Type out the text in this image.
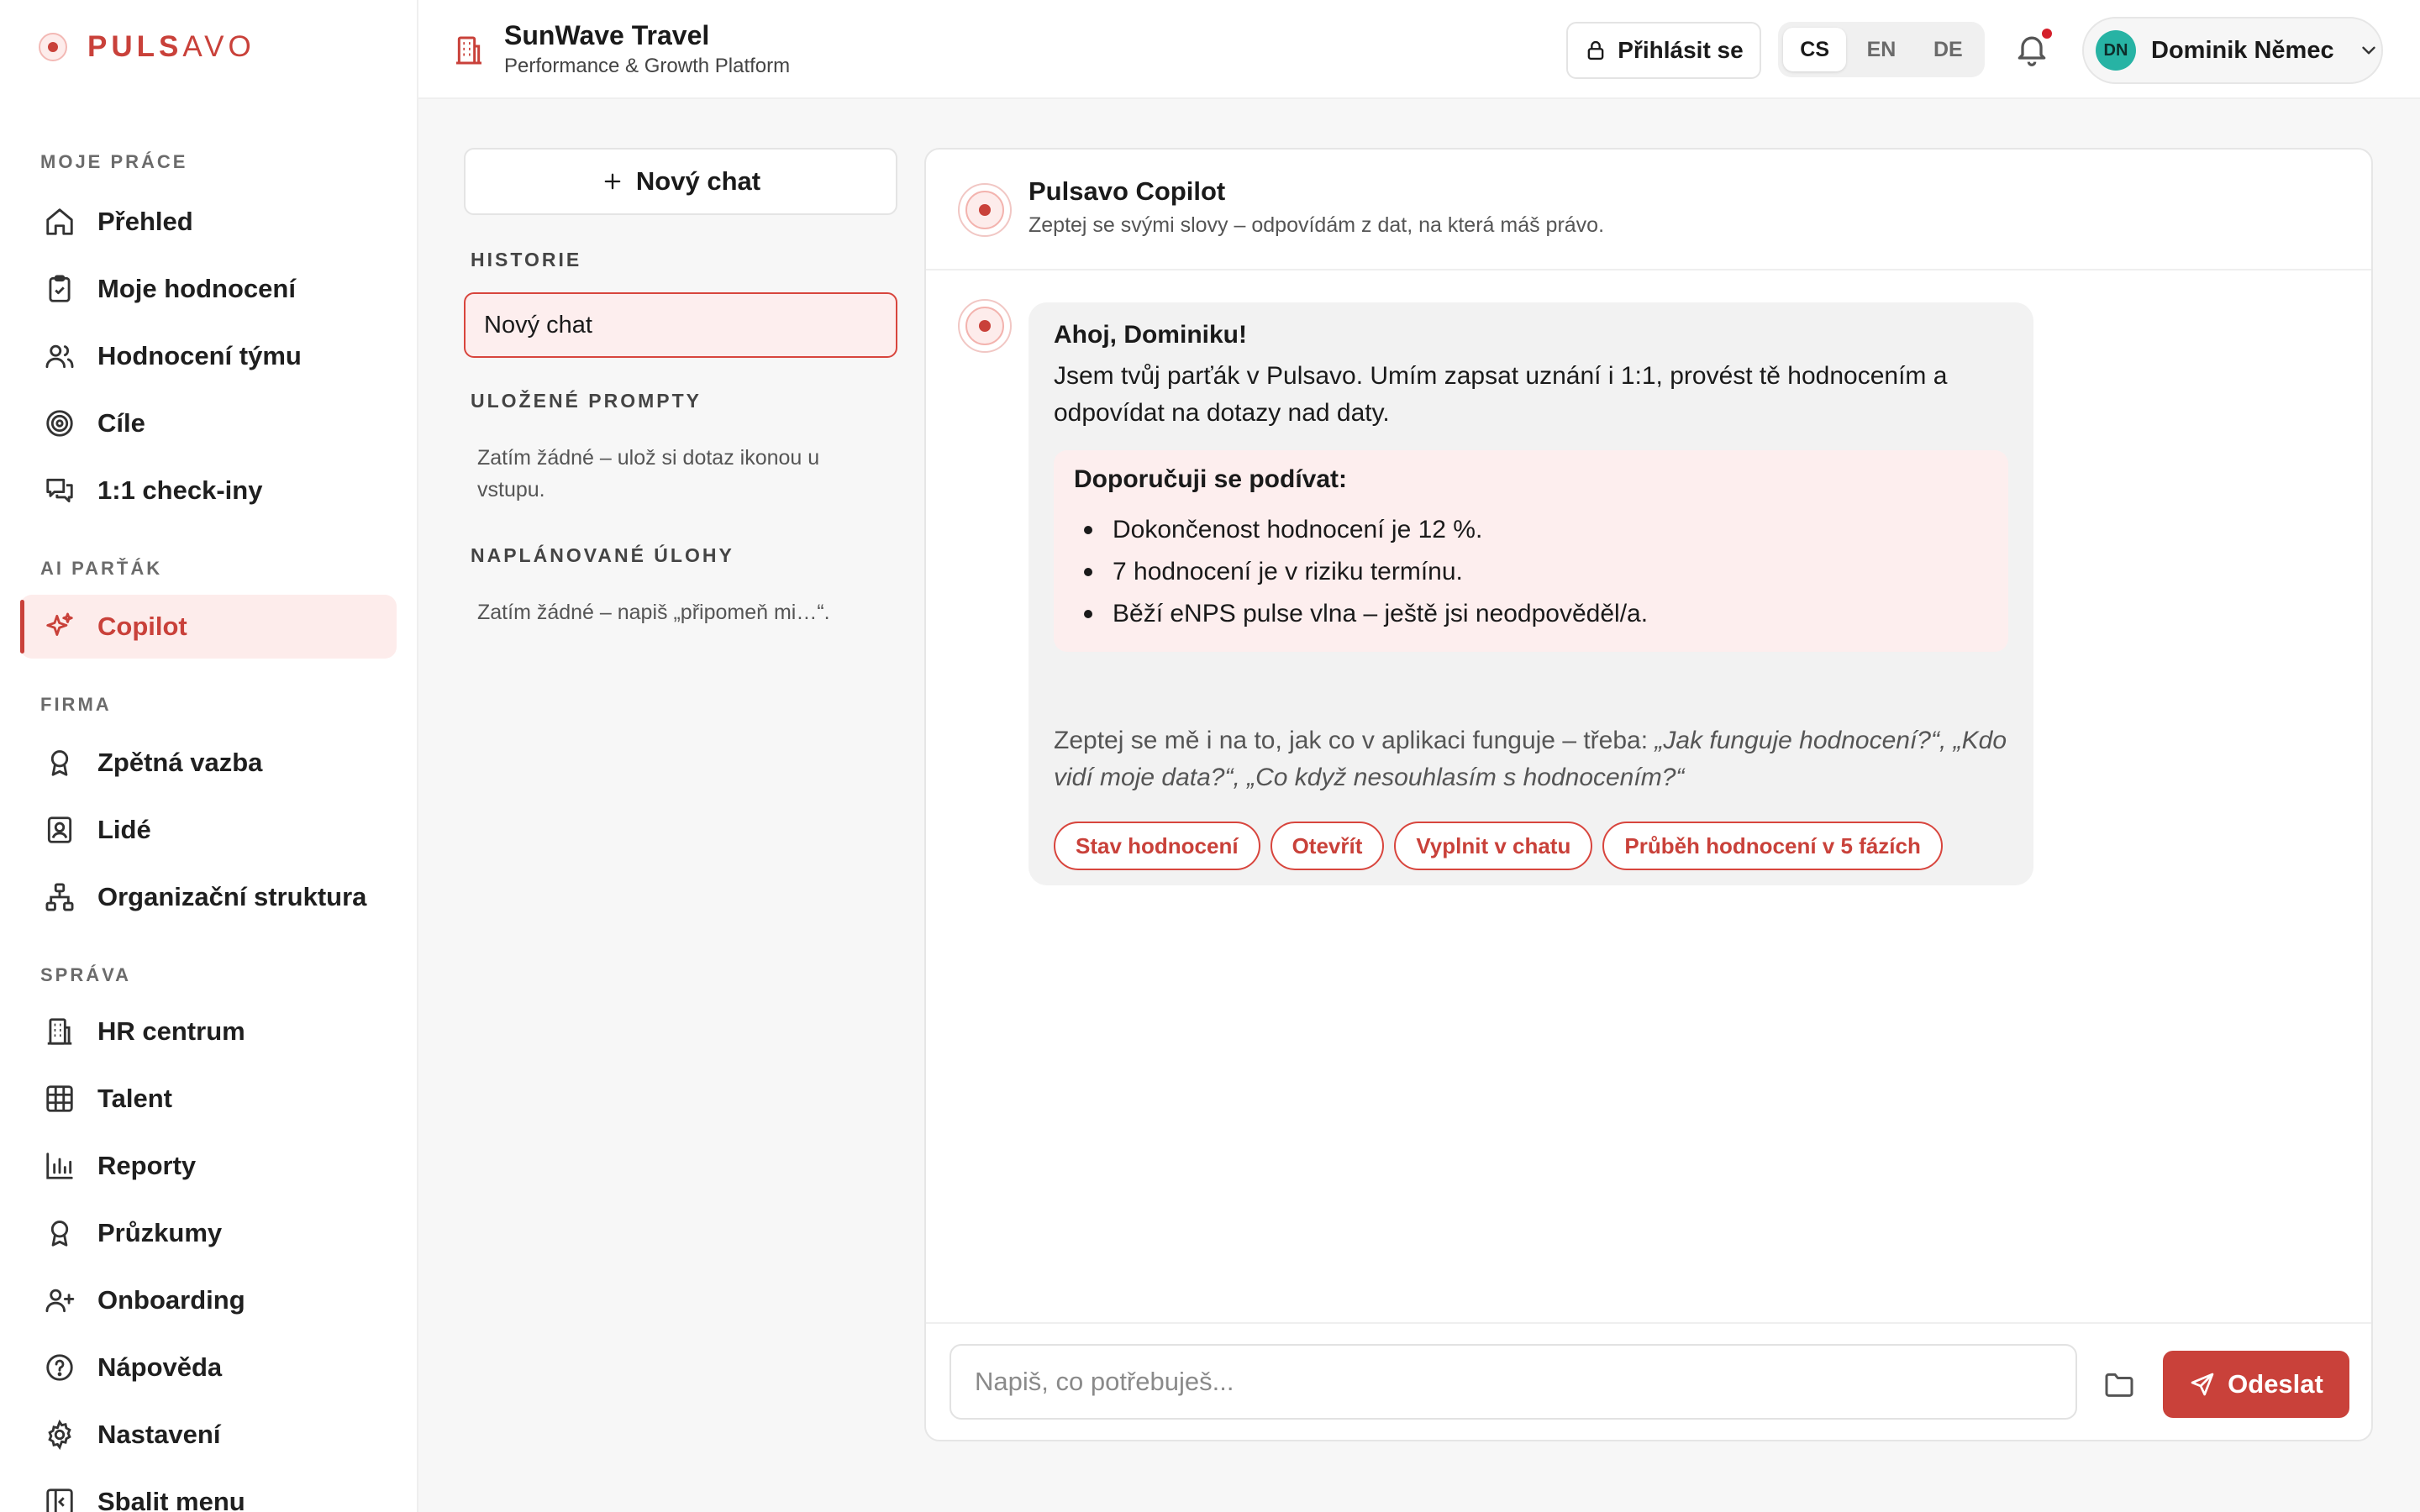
PULSAVO
MOJE PRÁCE
Přehled
Moje hodnocení
Hodnocení týmu
Cíle
1:1 check-iny
AI PARŤÁK
Copilot
FIRMA
Zpětná vazba
Lidé
Organizační struktura
SPRÁVA
HR centrum
Talent
Reporty
Průzkumy
Onboarding
Nápověda
Nastavení
Sbalit menu
SunWave Travel
Performance & Growth Platform
Přihlásit se	CS	EN	DE	DN Dominik Němec
Nový chat
HISTORIE
Nový chat
ULOŽENÉ PROMPTY
Zatím žádné – ulož si dotaz ikonou u vstupu.
NAPLÁNOVANÉ ÚLOHY
Zatím žádné – napiš „připomeň mi…“.
Pulsavo Copilot
Zeptej se svými slovy – odpovídám z dat, na která máš právo.
Ahoj, Dominiku!
Jsem tvůj parťák v Pulsavo. Umím zapsat uznání i 1:1, provést tě hodnocením a odpovídat na dotazy nad daty.
Doporučuji se podívat:
Dokončenost hodnocení je 12 %.
7 hodnocení je v riziku termínu.
Běží eNPS pulse vlna – ještě jsi neodpověděl/a.
Zeptej se mě i na to, jak co v aplikaci funguje – třeba: „Jak funguje hodnocení?“, „Kdo vidí moje data?“, „Co když nesouhlasím s hodnocením?“
Stav hodnocení	Otevřít	Vyplnit v chatu	Průběh hodnocení v 5 fázích
Napiš, co potřebuješ...
Odeslat
